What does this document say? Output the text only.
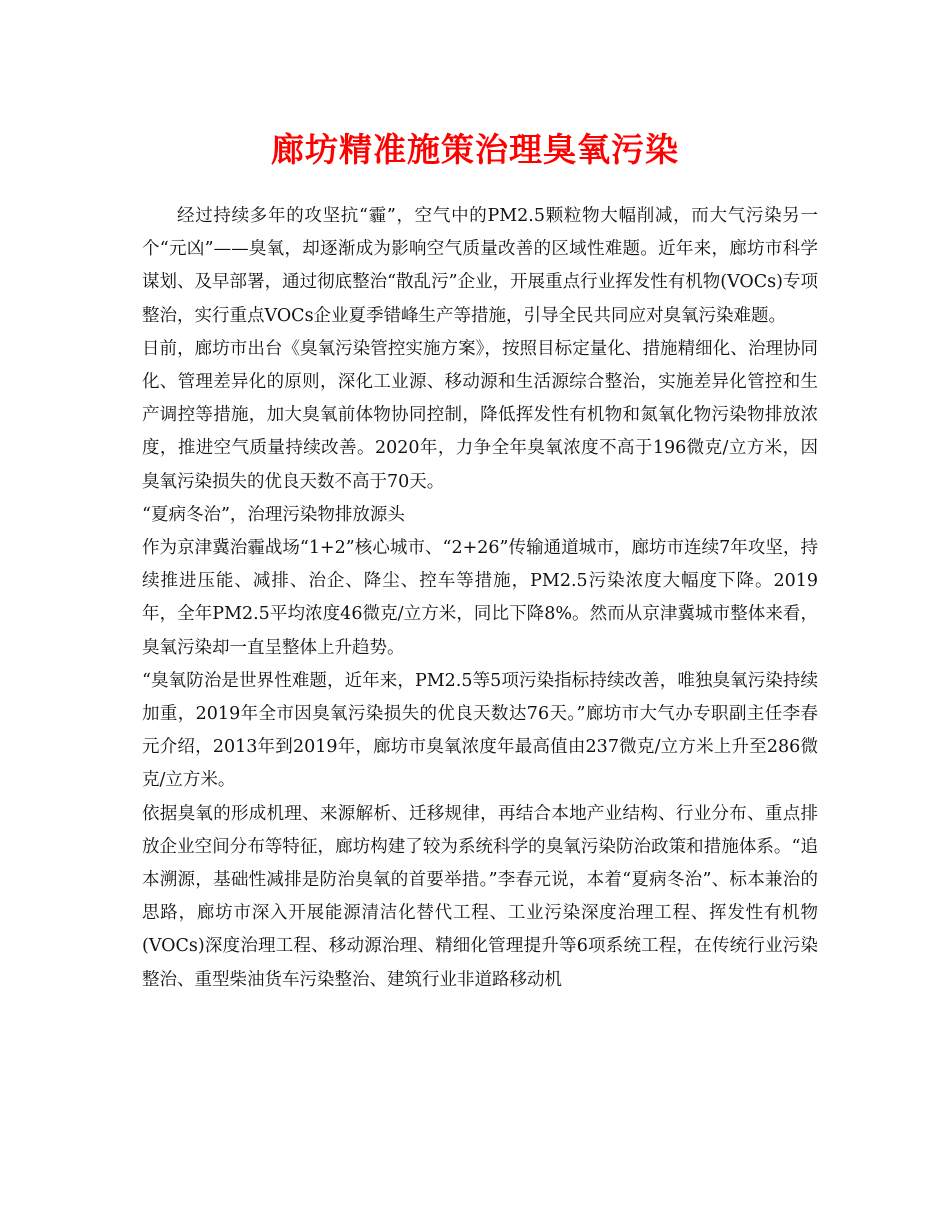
廊坊精准施策治理臭氧污染

经过持续多年的攻坚抗“霾”，空气中的PM2.5颗粒物大幅削减，而大气污染另一个“元凶”——臭氧，却逐渐成为影响空气质量改善的区域性难题。近年来，廊坊市科学谋划、及早部署，通过彻底整治“散乱污”企业，开展重点行业挥发性有机物(VOCs)专项整治，实行重点VOCs企业夏季错峰生产等措施，引导全民共同应对臭氧污染难题。

日前，廊坊市出台《臭氧污染管控实施方案》，按照目标定量化、措施精细化、治理协同化、管理差异化的原则，深化工业源、移动源和生活源综合整治，实施差异化管控和生产调控等措施，加大臭氧前体物协同控制，降低挥发性有机物和氮氧化物污染物排放浓度，推进空气质量持续改善。2020年，力争全年臭氧浓度不高于196微克/立方米，因臭氧污染损失的优良天数不高于70天。

“夏病冬治”，治理污染物排放源头

作为京津冀治霾战场“1+2”核心城市、“2+26”传输通道城市，廊坊市连续7年攻坚，持续推进压能、减排、治企、降尘、控车等措施，PM2.5污染浓度大幅度下降。2019年，全年PM2.5平均浓度46微克/立方米，同比下降8%。然而从京津冀城市整体来看，臭氧污染却一直呈整体上升趋势。

“臭氧防治是世界性难题，近年来，PM2.5等5项污染指标持续改善，唯独臭氧污染持续加重，2019年全市因臭氧污染损失的优良天数达76天。”廊坊市大气办专职副主任李春元介绍，2013年到2019年，廊坊市臭氧浓度年最高值由237微克/立方米上升至286微克/立方米。

依据臭氧的形成机理、来源解析、迁移规律，再结合本地产业结构、行业分布、重点排放企业空间分布等特征，廊坊构建了较为系统科学的臭氧污染防治政策和措施体系。“追本溯源，基础性减排是防治臭氧的首要举措。”李春元说，本着“夏病冬治”、标本兼治的思路，廊坊市深入开展能源清洁化替代工程、工业污染深度治理工程、挥发性有机物(VOCs)深度治理工程、移动源治理、精细化管理提升等6项系统工程，在传统行业污染整治、重型柴油货车污染整治、建筑行业非道路移动机
